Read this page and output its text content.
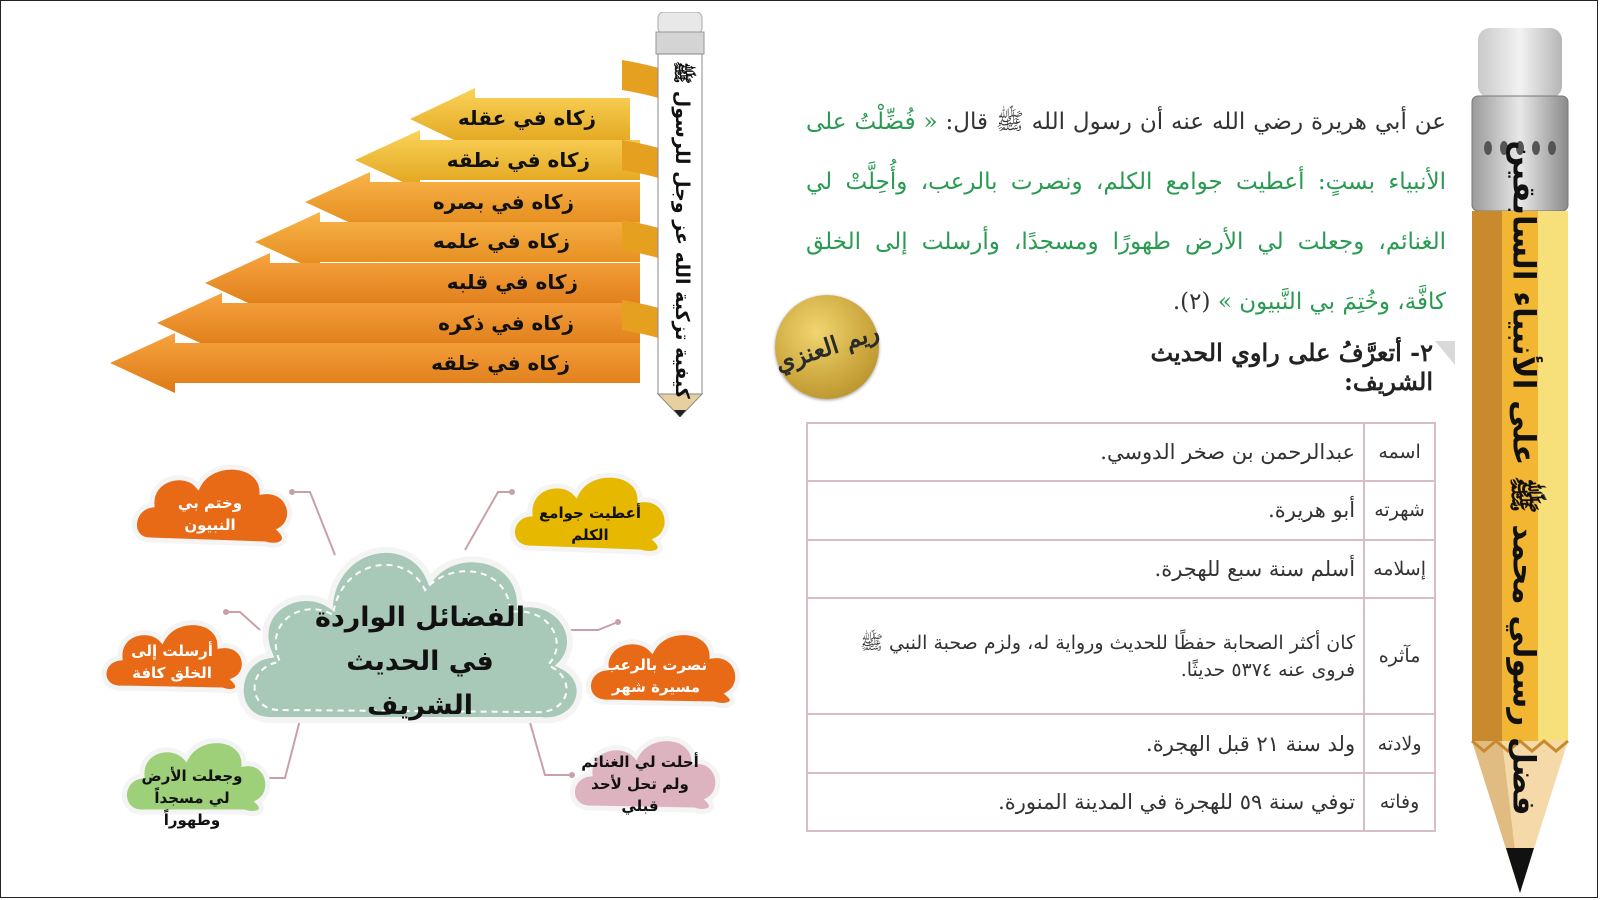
فضل رسولي محمد ﷺ على الأنبياء السابقين
عن أبي هريرة رضي الله عنه أن رسول الله ﷺ قال: « فُضِّلْتُ على الأنبياء بستٍ: أعطيت جوامع الكلم، ونصرت بالرعب، وأُحِلَّتْ لي الغنائم، وجعلت لي الأرض طهورًا ومسجدًا، وأرسلت إلى الخلق كافَّة، وخُتِمَ بي النَّبيون » (٢).
ريم العنزي	٢- أتعرَّفُ على راوي الحديث الشريف:
اسمه	عبدالرحمن بن صخر الدوسي.
شهرته	أبو هريرة.
إسلامه	أسلم سنة سبع للهجرة.
مآثره	كان أكثر الصحابة حفظًا للحديث ورواية له، ولزم صحبة النبي ﷺ فروى عنه ٥٣٧٤ حديثًا.
ولادته	ولد سنة ٢١ قبل الهجرة.
وفاته	توفي سنة ٥٩ للهجرة في المدينة المنورة.
زكاه في عقله
زكاه في نطقه
زكاه في بصره
زكاه في علمه
زكاه في قلبه
زكاه في ذكره
زكاه في خلقه	كيفية تزكية الله عز وجل للرسول ﷺ
الفضائل الواردة في الحديث الشريف
وختم بي النبيون
أعطيت جوامع الكلم
أرسلت إلى الخلق كافة	نصرت بالرعب مسيرة شهر
وجعلت الأرض لي مسجداً وطهوراً
أحلت لي الغنائم ولم تحل لأحد قبلي
